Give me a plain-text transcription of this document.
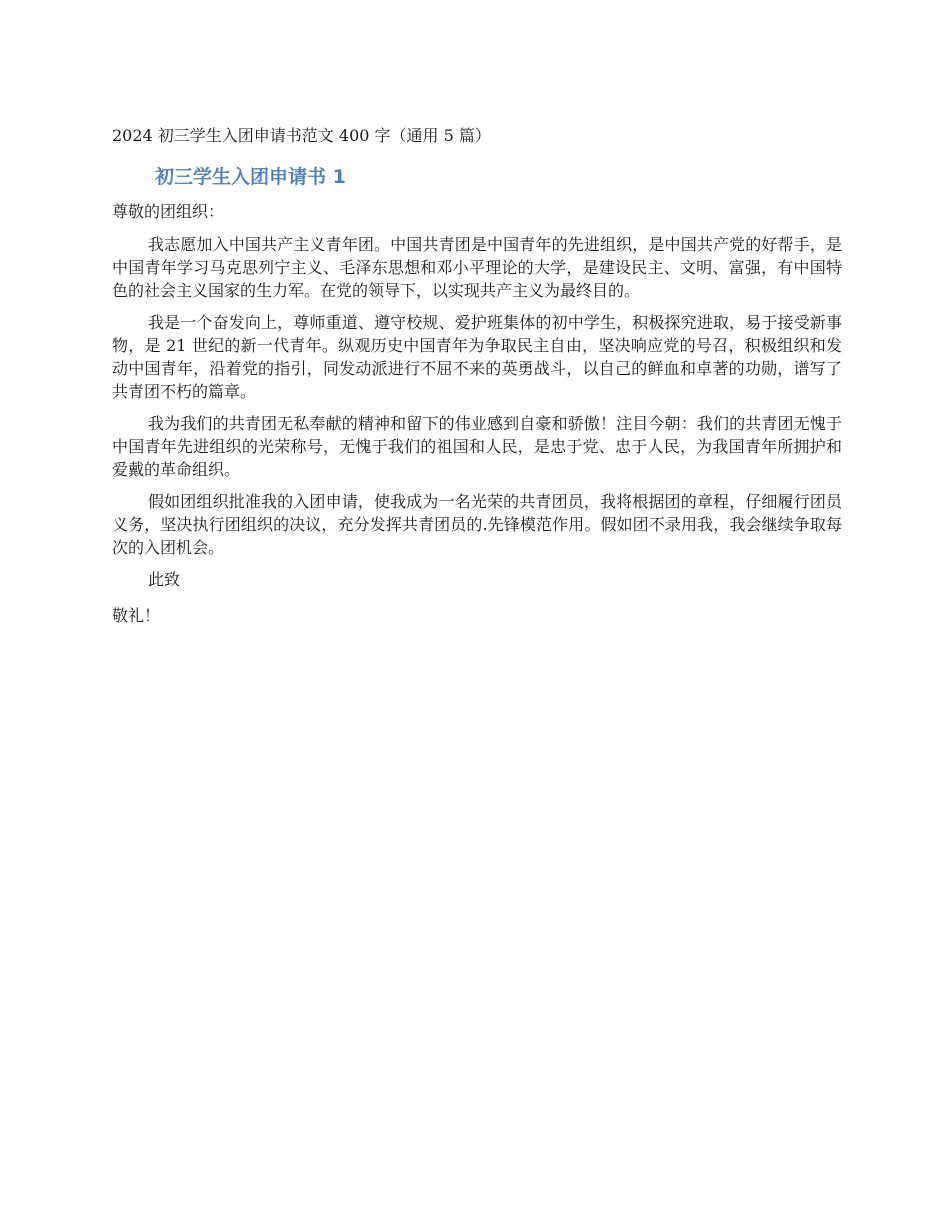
2024 初三学生入团申请书范文 400 字（通用 5 篇）
初三学生入团申请书 1
尊敬的团组织：

我志愿加入中国共产主义青年团。中国共青团是中国青年的先进组织，是中国共产党的好帮手，是中国青年学习马克思列宁主义、毛泽东思想和邓小平理论的大学，是建设民主、文明、富强，有中国特色的社会主义国家的生力军。在党的领导下，以实现共产主义为最终目的。

我是一个奋发向上，尊师重道、遵守校规、爱护班集体的初中学生，积极探究进取，易于接受新事物，是 21 世纪的新一代青年。纵观历史中国青年为争取民主自由，坚决响应党的号召，积极组织和发动中国青年，沿着党的指引，同发动派进行不屈不来的英勇战斗，以自己的鲜血和卓著的功勋，谱写了共青团不朽的篇章。

我为我们的共青团无私奉献的精神和留下的伟业感到自豪和骄傲！注目今朝：我们的共青团无愧于中国青年先进组织的光荣称号，无愧于我们的祖国和人民，是忠于党、忠于人民，为我国青年所拥护和爱戴的革命组织。

假如团组织批准我的入团申请，使我成为一名光荣的共青团员，我将根据团的章程，仔细履行团员义务，坚决执行团组织的决议，充分发挥共青团员的.先锋模范作用。假如团不录用我，我会继续争取每次的入团机会。

此致
敬礼！
